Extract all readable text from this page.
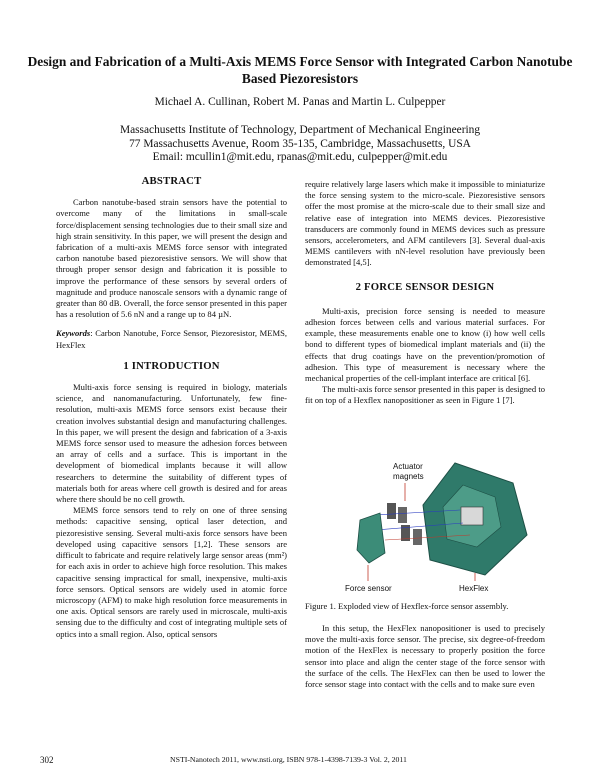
Design and Fabrication of a Multi-Axis MEMS Force Sensor with Integrated Carbon Nanotube Based Piezoresistors
Michael A. Cullinan, Robert M. Panas and Martin L. Culpepper
Massachusetts Institute of Technology, Department of Mechanical Engineering
77 Massachusetts Avenue, Room 35-135, Cambridge, Massachusetts, USA
Email: mcullin1@mit.edu, rpanas@mit.edu, culpepper@mit.edu
ABSTRACT

Carbon nanotube-based strain sensors have the potential to overcome many of the limitations in small-scale force/displacement sensing technologies due to their small size and high strain sensitivity. In this paper, we will present the design and fabrication of a multi-axis MEMS force sensor with integrated carbon nanotube based piezoresistive sensors. We will show that through proper sensor design and fabrication it is possible to improve the performance of these sensors by several orders of magnitude and produce nanoscale sensors with a dynamic range of greater than 80 dB. Overall, the force sensor presented in this paper has a resolution of 5.6 nN and a range up to 84 µN.

Keywords: Carbon Nanotube, Force Sensor, Piezoresistor, MEMS, HexFlex

1 INTRODUCTION

Multi-axis force sensing is required in biology, materials science, and nanomanufacturing. Unfortunately, few fine-resolution, multi-axis MEMS force sensors exist because their creation involves substantial design and manufacturing challenges. In this paper, we will present the design and fabrication of a 3-axis MEMS force sensor used to measure the adhesion forces between an array of cells and a surface. This is important in the development of biomedical implants because it will allow researchers to determine the suitability of different types of materials both for areas where cell growth is desired and for areas where there should be no cell growth.

MEMS force sensors tend to rely on one of three sensing methods: capacitive sensing, optical laser detection, and piezoresistive sensing. Several multi-axis force sensors have been developed using capacitive sensors [1,2]. These sensors are difficult to fabricate and require relatively large sensor areas (mm²) for each axis in order to achieve high force resolution. This makes capacitive sensing impractical for small, inexpensive, multi-axis force sensors. Optical sensors are widely used in atomic force microscopy (AFM) to make high resolution force measurements in one axis. Optical sensors are rarely used in microscale, multi-axis sensing due to the difficulty and cost of integrating multiple sets of optics into a small region. Also, optical sensors

require relatively large lasers which make it impossible to miniaturize the force sensing system to the micro-scale. Piezoresistive sensors offer the most promise at the micro-scale due to their small size and relative ease of integration into MEMS devices. Piezoresistive transducers are commonly found in MEMS devices such as pressure sensors, accelerometers, and AFM cantilevers [3]. Several dual-axis MEMS cantilevers with nN-level resolution have previously been demonstrated [4,5].

2 FORCE SENSOR DESIGN

Multi-axis, precision force sensing is needed to measure adhesion forces between cells and various material surfaces. For example, these measurements enable one to know (i) how well cells bond to different types of biomedical implant materials and (ii) the effects that drug coatings have on the prevention/promotion of adhesion. This type of measurement is necessary where the mechanical properties of the cell-implant interface are critical [6].

The multi-axis force sensor presented in this paper is designed to fit on top of a Hexflex nanopositioner as seen in Figure 1 [7].

Actuator
magnets
Force sensor	HexFlex
Figure 1. Exploded view of Hexflex-force sensor assembly.

In this setup, the HexFlex nanopositioner is used to precisely move the multi-axis force sensor. The precise, six degree-of-freedom motion of the HexFlex is necessary to properly position the force sensor into place and align the center stage of the force sensor with the surface of the cells. The HexFlex can then be used to lower the force sensor stage into contact with the cells and to make sure even

302	NSTI-Nanotech 2011, www.nsti.org, ISBN 978-1-4398-7139-3 Vol. 2, 2011
